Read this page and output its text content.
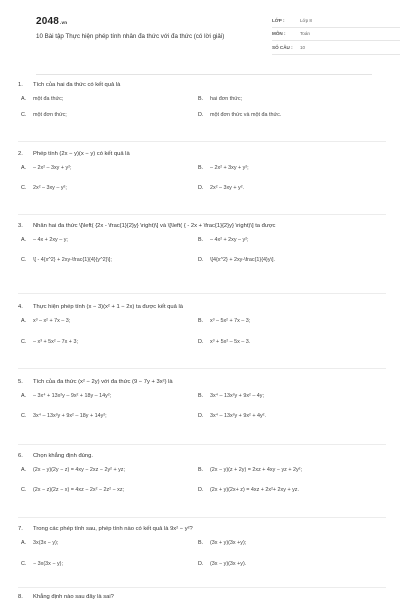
2048.vn
10 Bài tập Thực hiện phép tính nhân đa thức với đa thức (có lời giải)
LỚP :	Lớp 8
MÔN :	Toán
SỐ CÂU :	10
1.	Tích của hai đa thức có kết quả là
A.	một đa thức;	B.	hai đơn thức;
C.	một đơn thức;	D.	một đơn thức và một đa thức.
2.	Phép tính (2x − y)(x − y) có kết quả là
A.	– 2x² – 3xy + y²;	B.	– 2x² + 3xy + y²;
C.	2x² – 3xy – y²;	D.	2x² – 3xy + y².
3.	Nhân hai đa thức \[\left( {2x - \frac{1}{2}y} \right)\] và \[\left( { - 2x + \frac{1}{2}y} \right)\] ta được
A.	– 4x + 2xy – y;	B.	– 4x² + 2xy – y²;
C.	\[ - 4{x^2} + 2xy-\frac{1}{4}{y^2}\];	D.	\[4{x^2} + 2xy-\frac{1}{4}y\].
4.	Thực hiện phép tính (x − 3)(x² + 1 − 2x) ta được kết quả là
A.	x³ – x² + 7x – 3;	B.	x³ – 5x² + 7x – 3;
C.	– x³ + 5x² – 7x + 3;	D.	x³ + 5x² – 5x – 3.
5.	Tích của đa thức (x² − 2y) với đa thức (9 − 7y + 3x²) là
A.	– 3x⁴ + 13x²y – 9x² + 18y – 14y²;	B.	3x⁴ – 13x²y + 9x² – 4y;
C.	3x⁴ – 13x²y + 9x² – 18y + 14y²;	D.	3x⁴ – 13x²y + 9x² + 4y².
6.	Chọn khẳng định đúng.
A.	(2x − y)(2y − z) = 4xy − 2xz − 2y² + yz;	B.	(2x − y)(z + 2y) = 2xz + 4xy − yz + 2y²;
C.	(2x − z)(2z − x) = 4xz − 2x² − 2z² − xz;	D.	(2x + y)(2x+ z) = 4xz + 2x²+ 2xy + yz.
7.	Trong các phép tính sau, phép tính nào có kết quả là 9x² − y²?
A.	3x(3x − y);	B.	(3x + y)(3x +y);
C.	− 3x(3x − y);	D.	(3x − y)(3x +y).
8.	Khẳng định nào sau đây là sai?
